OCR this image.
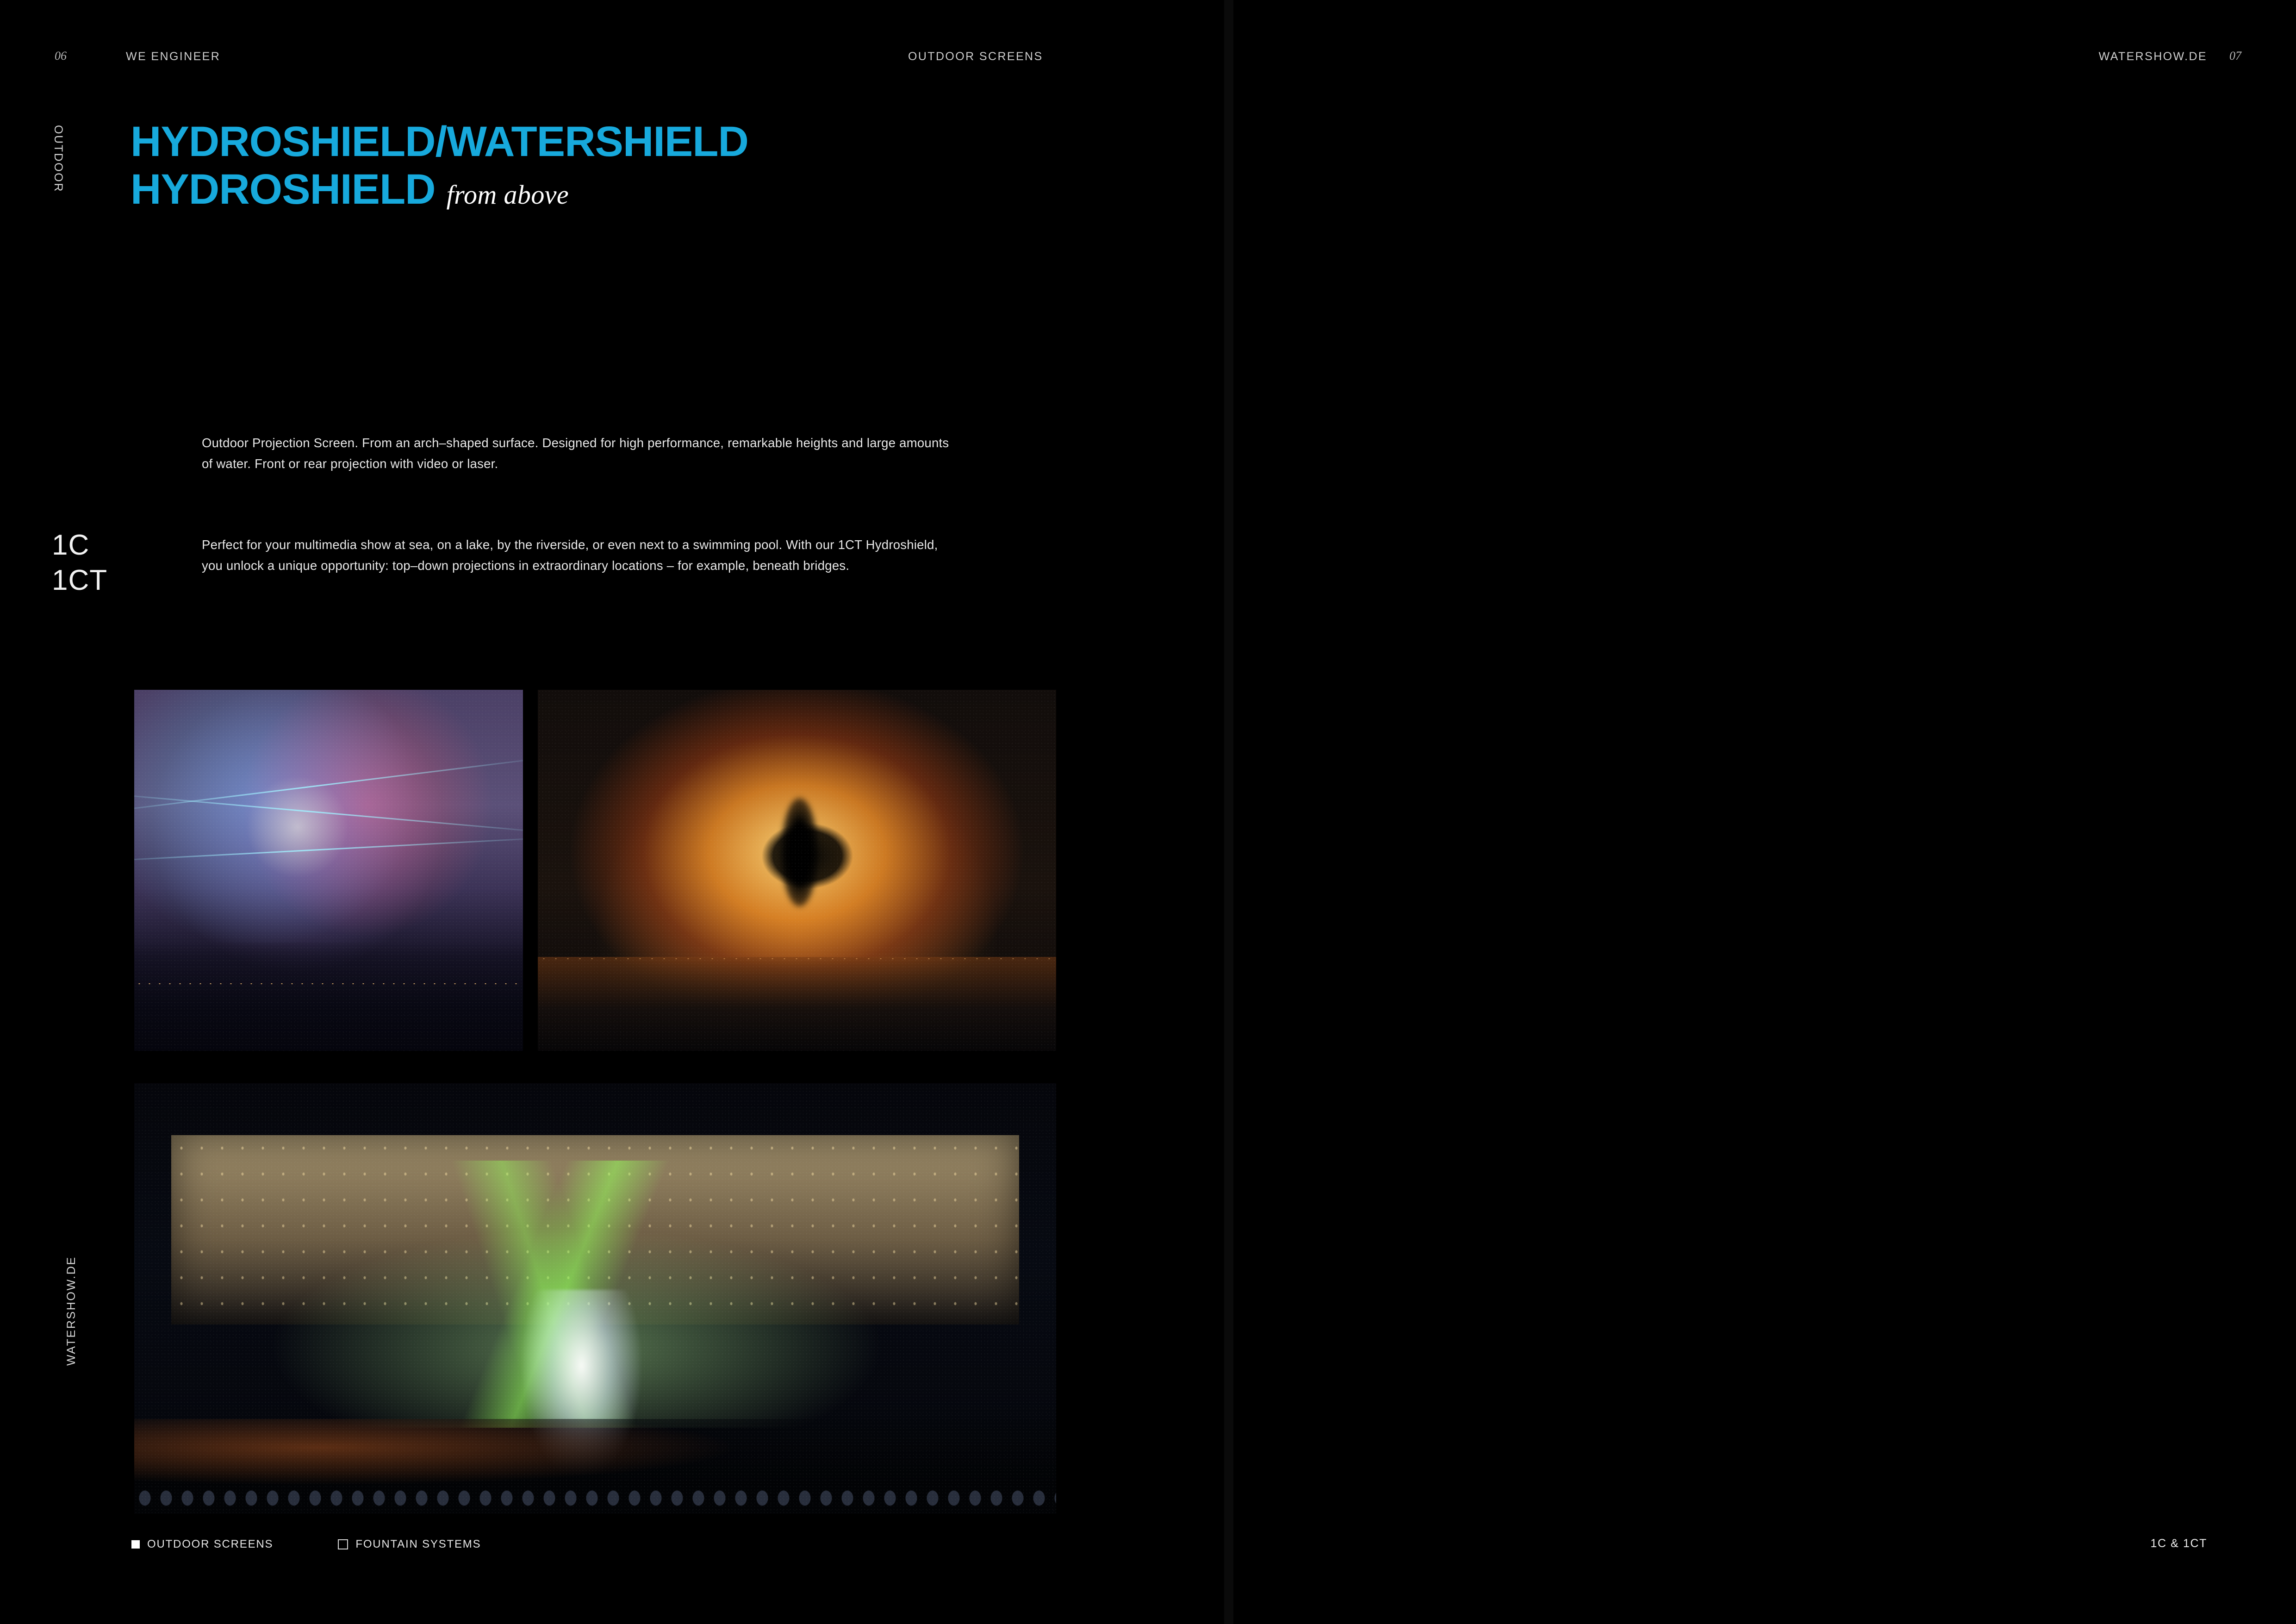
06	WE ENGINEER	OUTDOOR SCREENS
OUTDOOR
WATERSHOW.DE
HYDROSHIELD/WATERSHIELD
HYDROSHIELD from above
1C
1CT
Outdoor Projection Screen. From an arch–shaped surface. Designed for high performance, remarkable heights and large amounts of water. Front or rear projection with video or laser.
Perfect for your multimedia show at sea, on a lake, by the riverside, or even next to a swimming pool. With our 1CT Hydroshield, you unlock a unique opportunity: top–down projections in extraordinary locations – for example, beneath bridges.
OUTDOOR SCREENS	FOUNTAIN SYSTEMS
WATERSHOW.DE 07
1C & 1CT
